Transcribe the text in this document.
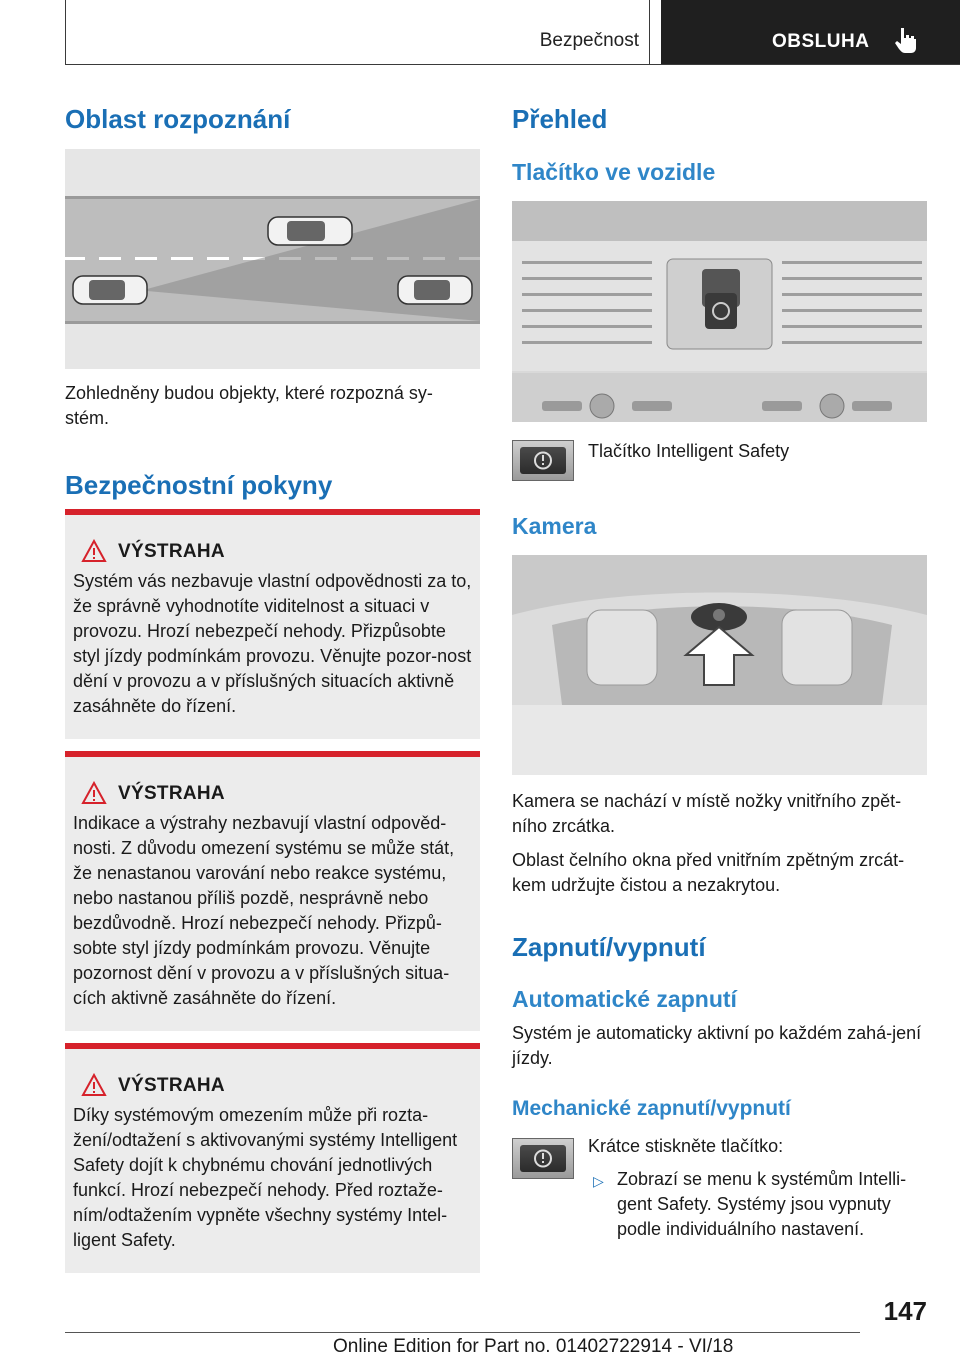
Bezpečnost	OBSLUHA
Oblast rozpoznání
Zohledněny budou objekty, které rozpozná sy-stém.
Bezpečnostní pokyny
VÝSTRAHA
Systém vás nezbavuje vlastní odpovědnosti za to, že správně vyhodnotíte viditelnost a situaci v provozu. Hrozí nebezpečí nehody. Přizpůsobte styl jízdy podmínkám provozu. Věnujte pozor-nost dění v provozu a v příslušných situacích aktivně zasáhněte do řízení.
VÝSTRAHA
Indikace a výstrahy nezbavují vlastní odpověd-nosti. Z důvodu omezení systému se může stát, že nenastanou varování nebo reakce systému, nebo nastanou příliš pozdě, nesprávně nebo bezdůvodně. Hrozí nebezpečí nehody. Přizpů-sobte styl jízdy podmínkám provozu. Věnujte pozornost dění v provozu a v příslušných situa-cích aktivně zasáhněte do řízení.
VÝSTRAHA
Díky systémovým omezením může při rozta-žení/odtažení s aktivovanými systémy Intelligent Safety dojít k chybnému chování jednotlivých funkcí. Hrozí nebezpečí nehody. Před roztaže-ním/odtažením vypněte všechny systémy Intel-ligent Safety.
Přehled
Tlačítko ve vozidle
Tlačítko Intelligent Safety
Kamera
Kamera se nachází v místě nožky vnitřního zpět-ního zrcátka.
Oblast čelního okna před vnitřním zpětným zrcát-kem udržujte čistou a nezakrytou.
Zapnutí/vypnutí
Automatické zapnutí
Systém je automaticky aktivní po každém zahá-jení jízdy.
Mechanické zapnutí/vypnutí
Krátce stiskněte tlačítko:
▷ Zobrazí se menu k systémům Intelli-gent Safety. Systémy jsou vypnuty podle individuálního nastavení.
147
Online Edition for Part no. 01402722914 - VI/18
